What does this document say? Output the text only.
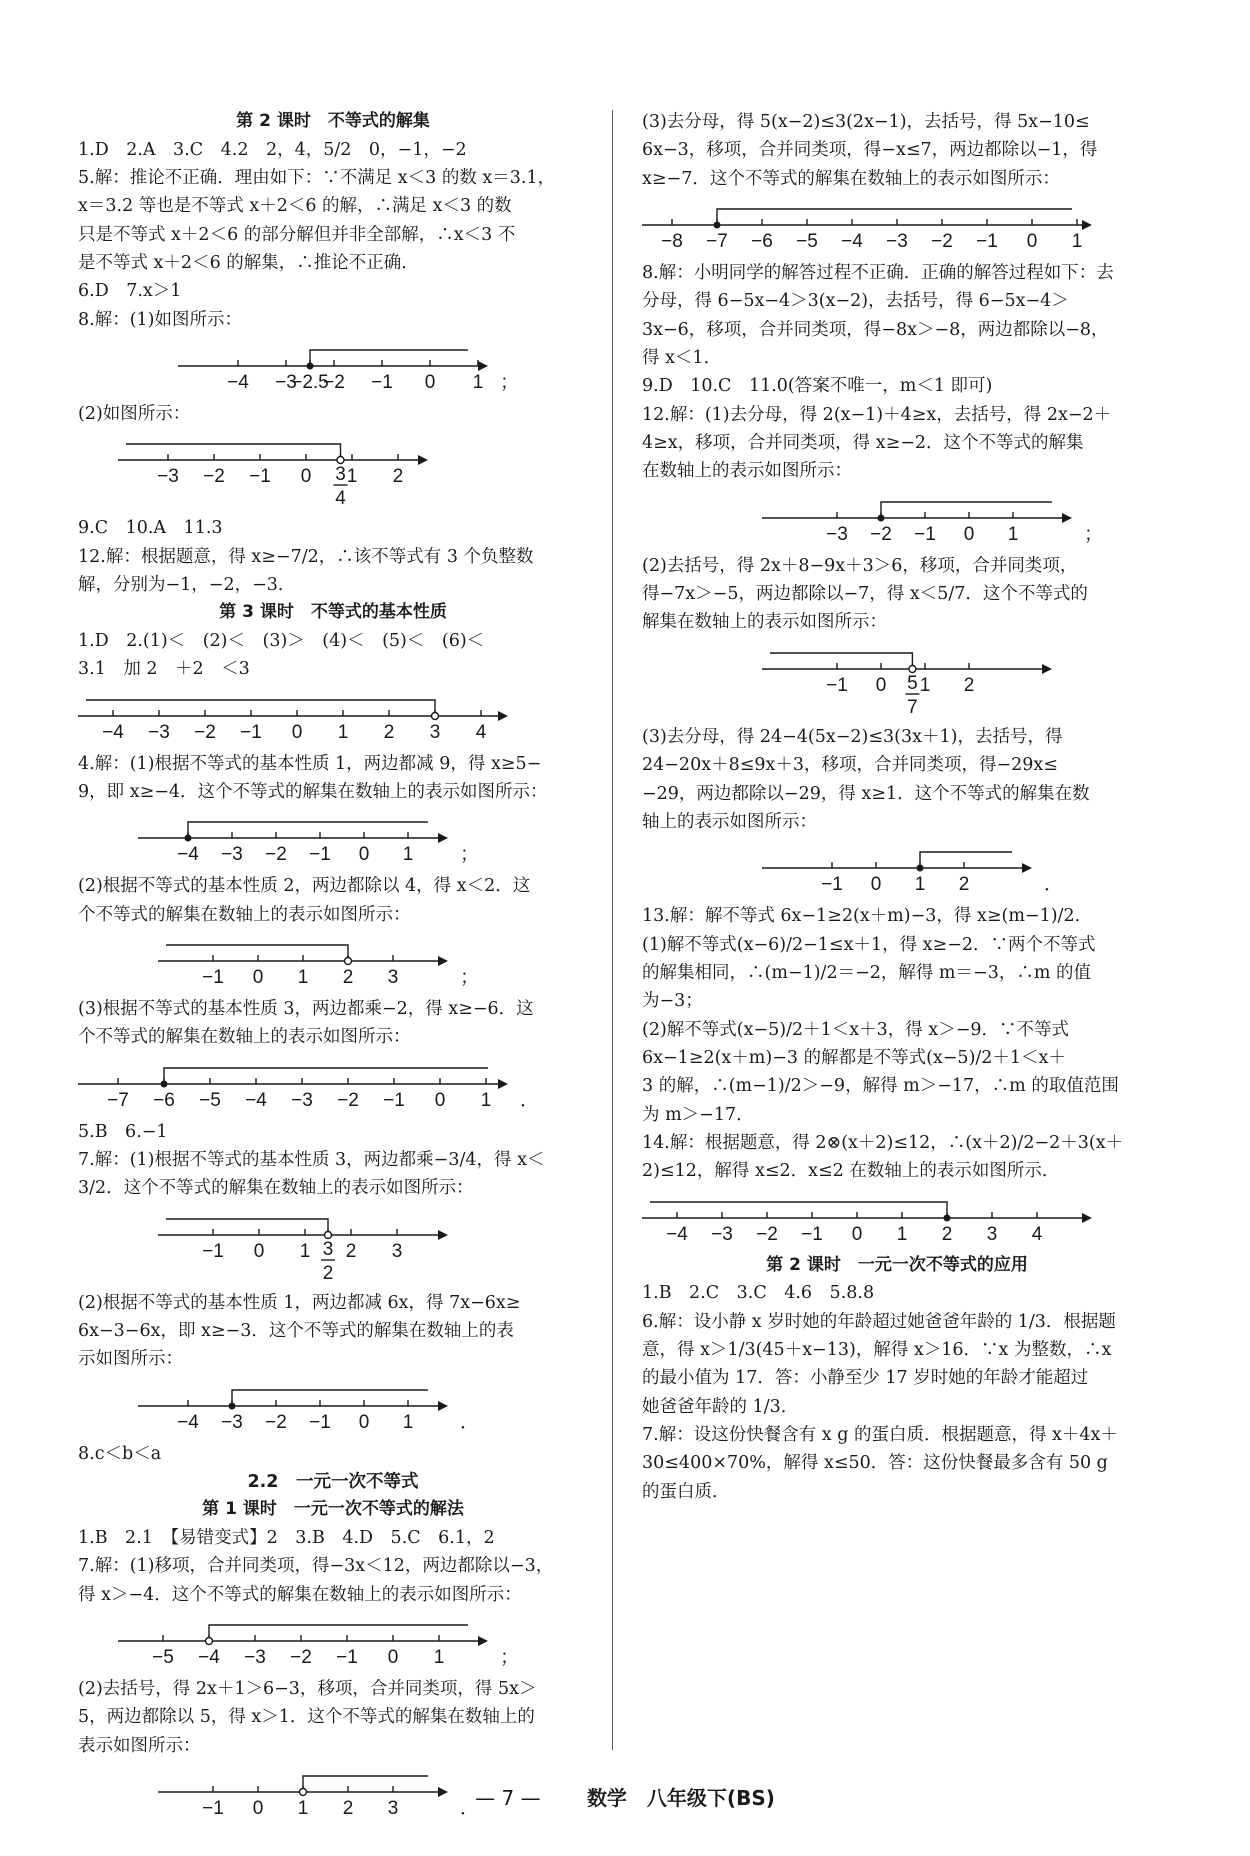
第 2 课时　不等式的解集
1.D　2.A　3.C　4.2　2，4，5/2　0，−1，−2
5.解：推论不正确．理由如下：∵不满足 x＜3 的数 x＝3.1，
x＝3.2 等也是不等式 x＋2＜6 的解，∴满足 x＜3 的数
只是不等式 x＋2＜6 的部分解但并非全部解，∴x＜3 不
是不等式 x＋2＜6 的解集，∴推论不正确．
6.D　7.x＞1
8.解：(1)如图所示：
−4 −3
−2.5
−2 −1 0 1 ；
(2)如图所示：
−3 −2 −1 0 3
4
1 2
9.C　10.A　11.3
12.解：根据题意，得 x≥−7/2，∴该不等式有 3 个负整数
解，分别为−1，−2，−3．
第 3 课时　不等式的基本性质
1.D　2.(1)＜　(2)＜　(3)＞　(4)＜　(5)＜　(6)＜
3.1　加 2　＋2　＜3
−4 −3 −2 −1 0 1 2 3 4
4.解：(1)根据不等式的基本性质 1，两边都减 9，得 x≥5−
9，即 x≥−4．这个不等式的解集在数轴上的表示如图所示：
−4 −3 −2 −1 0 1 ；
(2)根据不等式的基本性质 2，两边都除以 4，得 x＜2．这
个不等式的解集在数轴上的表示如图所示：
−1 0 1 2 3	；
(3)根据不等式的基本性质 3，两边都乘−2，得 x≥−6．这
个不等式的解集在数轴上的表示如图所示：
−7 −6 −5 −4 −3 −2 −1 0 1 ．
5.B　6.−1
7.解：(1)根据不等式的基本性质 3，两边都乘−3/4，得 x＜
3/2．这个不等式的解集在数轴上的表示如图所示：
−1 0 1 3
2
2 3
(2)根据不等式的基本性质 1，两边都减 6x，得 7x−6x≥
6x−3−6x，即 x≥−3．这个不等式的解集在数轴上的表
示如图所示：
−4 −3 −2 −1 0 1 ．
8.c＜b＜a
2.2　一元一次不等式
第 1 课时　一元一次不等式的解法
1.B　2.1　【易错变式】2　3.B　4.D　5.C　6.1，2
7.解：(1)移项，合并同类项，得−3x＜12，两边都除以−3，
得 x＞−4．这个不等式的解集在数轴上的表示如图所示：
−5 −4 −3 −2 −1 0 1	；
(2)去括号，得 2x＋1＞6−3，移项，合并同类项，得 5x＞
5，两边都除以 5，得 x＞1．这个不等式的解集在数轴上的
表示如图所示：
−1 0 1 2 3	．
(3)去分母，得 5(x−2)≤3(2x−1)，去括号，得 5x−10≤
6x−3，移项，合并同类项，得−x≤7，两边都除以−1，得
x≥−7．这个不等式的解集在数轴上的表示如图所示：
−8 −7 −6 −5 −4 −3 −2 −1 0 1
8.解：小明同学的解答过程不正确．正确的解答过程如下：去
分母，得 6−5x−4＞3(x−2)，去括号，得 6−5x−4＞
3x−6，移项，合并同类项，得−8x＞−8，两边都除以−8，
得 x＜1．
9.D　10.C　11.0(答案不唯一，m＜1 即可)
12.解：(1)去分母，得 2(x−1)＋4≥x，去括号，得 2x−2＋
4≥x，移项，合并同类项，得 x≥−2．这个不等式的解集
在数轴上的表示如图所示：
−3 −2 −1 0 1	；
(2)去括号，得 2x＋8−9x＋3＞6，移项，合并同类项，
得−7x＞−5，两边都除以−7，得 x＜5/7．这个不等式的
解集在数轴上的表示如图所示：
−1 0 5
7
1 2
(3)去分母，得 24−4(5x−2)≤3(3x＋1)，去括号，得
24−20x＋8≤9x＋3，移项，合并同类项，得−29x≤
−29，两边都除以−29，得 x≥1．这个不等式的解集在数
轴上的表示如图所示：
−1 0 1 2	．
13.解：解不等式 6x−1≥2(x＋m)−3，得 x≥(m−1)/2．
(1)解不等式(x−6)/2−1≤x＋1，得 x≥−2．∵两个不等式
的解集相同，∴(m−1)/2＝−2，解得 m＝−3，∴m 的值
为−3；
(2)解不等式(x−5)/2＋1＜x＋3，得 x＞−9．∵不等式
6x−1≥2(x＋m)−3 的解都是不等式(x−5)/2＋1＜x＋
3 的解，∴(m−1)/2＞−9，解得 m＞−17，∴m 的取值范围
为 m＞−17．
14.解：根据题意，得 2⊗(x＋2)≤12，∴(x＋2)/2−2＋3(x＋
2)≤12，解得 x≤2．x≤2 在数轴上的表示如图所示．
−4 −3 −2 −1 0 1 2 3 4
第 2 课时　一元一次不等式的应用
1.B　2.C　3.C　4.6　5.8.8
6.解：设小静 x 岁时她的年龄超过她爸爸年龄的 1/3．根据题
意，得 x＞1/3(45＋x−13)，解得 x＞16．∵x 为整数，∴x
的最小值为 17．答：小静至少 17 岁时她的年龄才能超过
她爸爸年龄的 1/3．
7.解：设这份快餐含有 x g 的蛋白质．根据题意，得 x＋4x＋
30≤400×70%，解得 x≤50．答：这份快餐最多含有 50 g
的蛋白质．
— 7 — 数学　八年级下(BS)
